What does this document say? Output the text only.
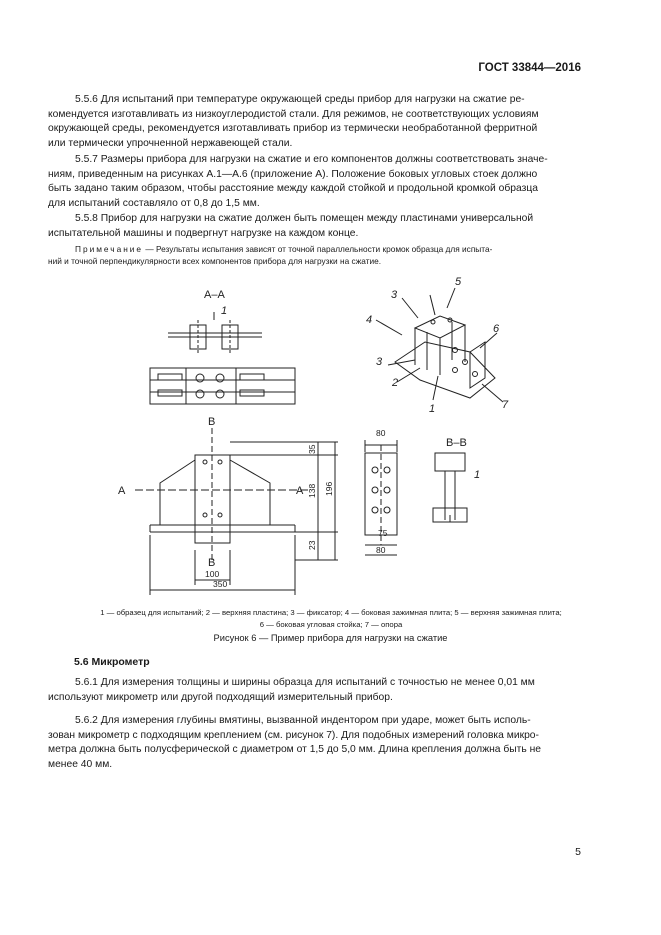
ГОСТ 33844—2016
5.5.6 Для испытаний при температуре окружающей среды прибор для нагрузки на сжатие ре-
комендуется изготавливать из низкоуглеродистой стали. Для режимов, не соответствующих условиям
окружающей среды, рекомендуется изготавливать прибор из термически необработанной ферритной
или термически упрочненной нержавеющей стали.
5.5.7 Размеры прибора для нагрузки на сжатие и его компонентов должны соответствовать значе-
ниям, приведенным на рисунках А.1—А.6 (приложение А). Положение боковых угловых стоек должно
быть задано таким образом, чтобы расстояние между каждой стойкой и продольной кромкой образца
для испытаний составляло от 0,8 до 1,5 мм.
5.5.8 Прибор для нагрузки на сжатие должен быть помещен между пластинами универсальной
испытательной машины и подвергнут нагрузке на каждом конце.
Примечание — Результаты испытания зависят от точной параллельности кромок образца для испыта-
ний и точной перпендикулярности всех компонентов прибора для нагрузки на сжатие.
А–А
В–В
А	А
В
В
1
1
1
2
3
3
4
5
6
7
35
138 196
23
100
350
80
75
80
1 — образец для испытаний; 2 — верхняя пластина; 3 — фиксатор; 4 — боковая зажимная плита; 5 — верхняя зажимная плита;
6 — боковая угловая стойка; 7 — опора
Рисунок 6 — Пример прибора для нагрузки на сжатие
5.6 Микрометр
5.6.1 Для измерения толщины и ширины образца для испытаний с точностью не менее 0,01 мм
используют микрометр или другой подходящий измерительный прибор.
5.6.2 Для измерения глубины вмятины, вызванной индентором при ударе, может быть исполь-
зован микрометр с подходящим креплением (см. рисунок 7). Для подобных измерений головка микро-
метра должна быть полусферической с диаметром от 1,5 до 5,0 мм. Длина крепления должна быть не
менее 40 мм.
5
